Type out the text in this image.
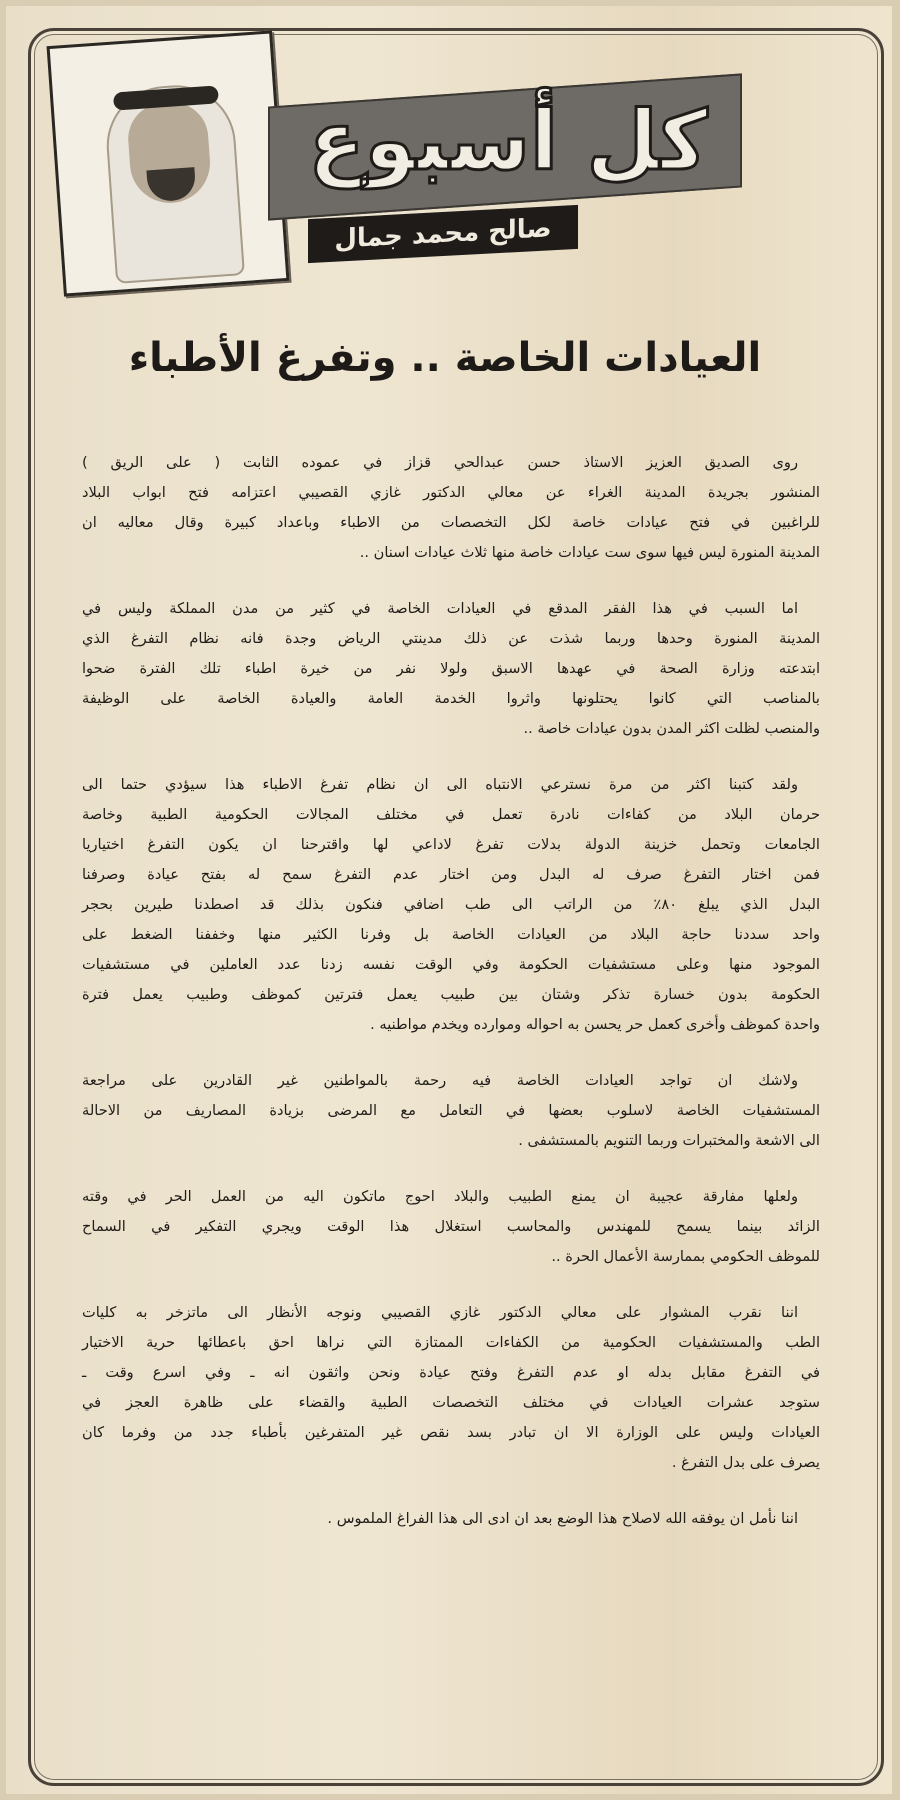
كل أسبوع
صالح محمد جمال
العيادات الخاصة .. وتفرغ الأطباء
روى الصديق العزيز الاستاذ حسن عبدالحي قزاز في عموده الثابت ( على الريق )
المنشور بجريدة المدينة الغراء عن معالي الدكتور غازي القصيبي اعتزامه فتح ابواب البلاد
للراغبين في فتح عيادات خاصة لكل التخصصات من الاطباء وباعداد كبيرة وقال معاليه ان
المدينة المنورة ليس فيها سوى ست عيادات خاصة منها ثلاث عيادات اسنان ..
اما السبب في هذا الفقر المدقع في العيادات الخاصة في كثير من مدن المملكة وليس في
المدينة المنورة وحدها وربما شذت عن ذلك مدينتي الرياض وجدة فانه نظام التفرغ الذي
ابتدعته وزارة الصحة في عهدها الاسبق ولولا نفر من خيرة اطباء تلك الفترة ضحوا
بالمناصب التي كانوا يحتلونها واثروا الخدمة العامة والعيادة الخاصة على الوظيفة
والمنصب لظلت اكثر المدن بدون عيادات خاصة ..
ولقد كتبنا اكثر من مرة نسترعي الانتباه الى ان نظام تفرغ الاطباء هذا سيؤدي حتما الى
حرمان البلاد من كفاءات نادرة تعمل في مختلف المجالات الحكومية الطبية وخاصة
الجامعات وتحمل خزينة الدولة بدلات تفرغ لاداعي لها واقترحنا ان يكون التفرغ اختياريا
فمن اختار التفرغ صرف له البدل ومن اختار عدم التفرغ سمح له بفتح عيادة وصرفنا
البدل الذي يبلغ ٨٠٪ من الراتب الى طب اضافي فنكون بذلك قد اصطدنا طيرين بحجر
واحد سددنا حاجة البلاد من العيادات الخاصة بل وفرنا الكثير منها وخففنا الضغط على
الموجود منها وعلى مستشفيات الحكومة وفي الوقت نفسه زدنا عدد العاملين في مستشفيات
الحكومة بدون خسارة تذكر وشتان بين طبيب يعمل فترتين كموظف وطبيب يعمل فترة
واحدة كموظف وأخرى كعمل حر يحسن به احواله وموارده ويخدم مواطنيه .
ولاشك ان تواجد العيادات الخاصة فيه رحمة بالمواطنين غير القادرين على مراجعة
المستشفيات الخاصة لاسلوب بعضها في التعامل مع المرضى بزيادة المصاريف من الاحالة
الى الاشعة والمختبرات وربما التنويم بالمستشفى .
ولعلها مفارقة عجيبة ان يمنع الطبيب والبلاد احوج ماتكون اليه من العمل الحر في وقته
الزائد بينما يسمح للمهندس والمحاسب استغلال هذا الوقت ويجري التفكير في السماح
للموظف الحكومي بممارسة الأعمال الحرة ..
اننا نقرب المشوار على معالي الدكتور غازي القصيبي ونوجه الأنظار الى ماتزخر به كليات
الطب والمستشفيات الحكومية من الكفاءات الممتازة التي نراها احق باعطائها حرية الاختيار
في التفرغ مقابل بدله او عدم التفرغ وفتح عيادة ونحن واثقون انه ـ وفي اسرع وقت ـ
ستوجد عشرات العيادات في مختلف التخصصات الطبية والقضاء على ظاهرة العجز في
العيادات وليس على الوزارة الا ان تبادر بسد نقص غير المتفرغين بأطباء جدد من وفرما كان
يصرف على بدل التفرغ .
اننا نأمل ان يوفقه الله لاصلاح هذا الوضع بعد ان ادى الى هذا الفراغ الملموس .
